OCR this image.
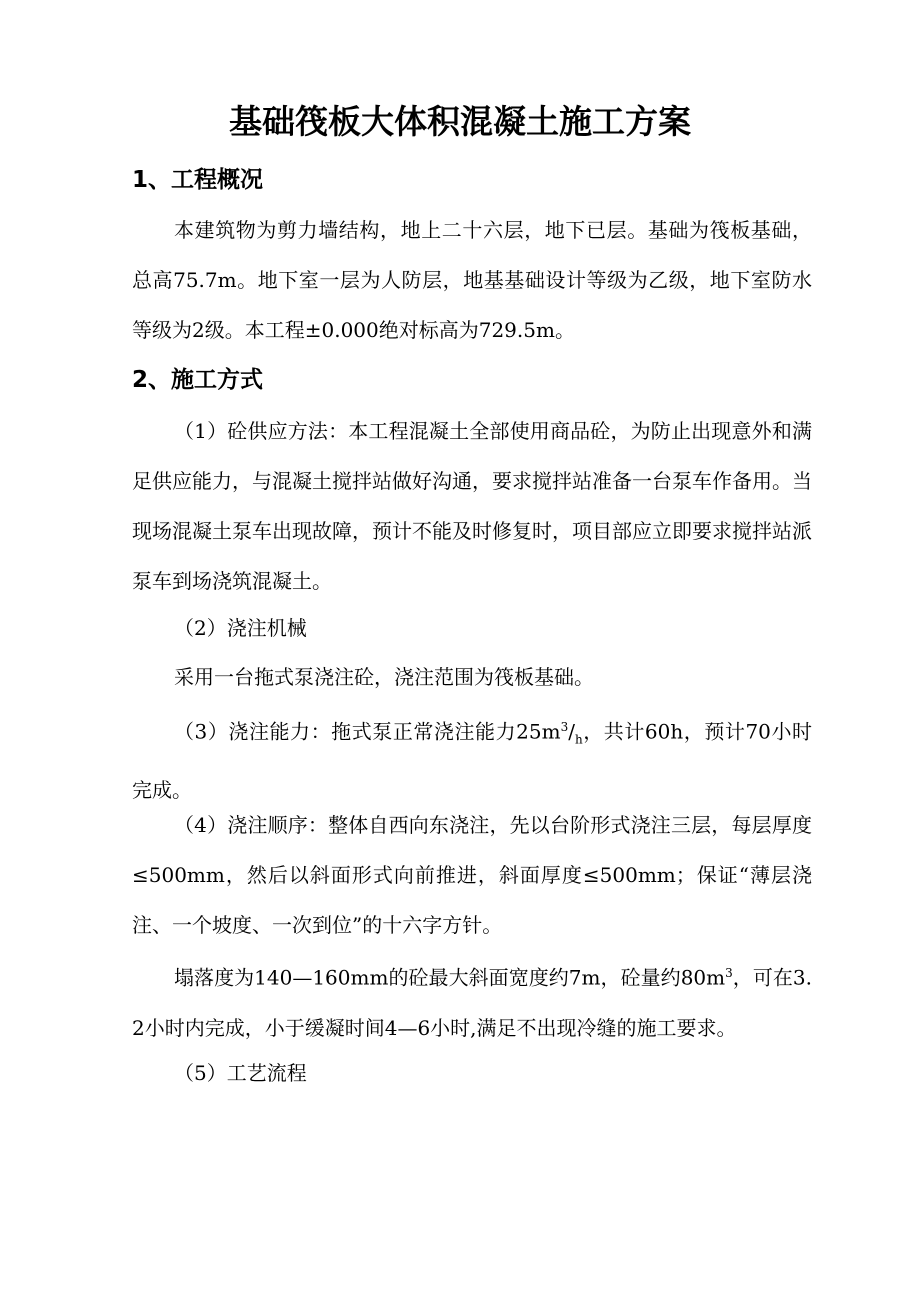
基础筏板大体积混凝土施工方案
1、工程概况
本建筑物为剪力墙结构，地上二十六层，地下已层。基础为筏板基础，总高75.7m。地下室一层为人防层，地基基础设计等级为乙级，地下室防水等级为2级。本工程±0.000绝对标高为729.5m。
2、施工方式
（1）砼供应方法：本工程混凝土全部使用商品砼，为防止出现意外和满足供应能力，与混凝土搅拌站做好沟通，要求搅拌站准备一台泵车作备用。当现场混凝土泵车出现故障，预计不能及时修复时，项目部应立即要求搅拌站派泵车到场浇筑混凝土。
（2）浇注机械
采用一台拖式泵浇注砼，浇注范围为筏板基础。
（3）浇注能力：拖式泵正常浇注能力$25m^3/_h$，共计60h，预计70小时完成。
（4）浇注顺序：整体自西向东浇注，先以台阶形式浇注三层，每层厚度≤500mm，然后以斜面形式向前推进，斜面厚度≤500mm；保证“薄层浇注、一个坡度、一次到位”的十六字方针。
塌落度为140—160mm的砼最大斜面宽度约7m，砼量约$80m^3$，可在3.2小时内完成，小于缓凝时间4—6小时,满足不出现冷缝的施工要求。
（5）工艺流程
